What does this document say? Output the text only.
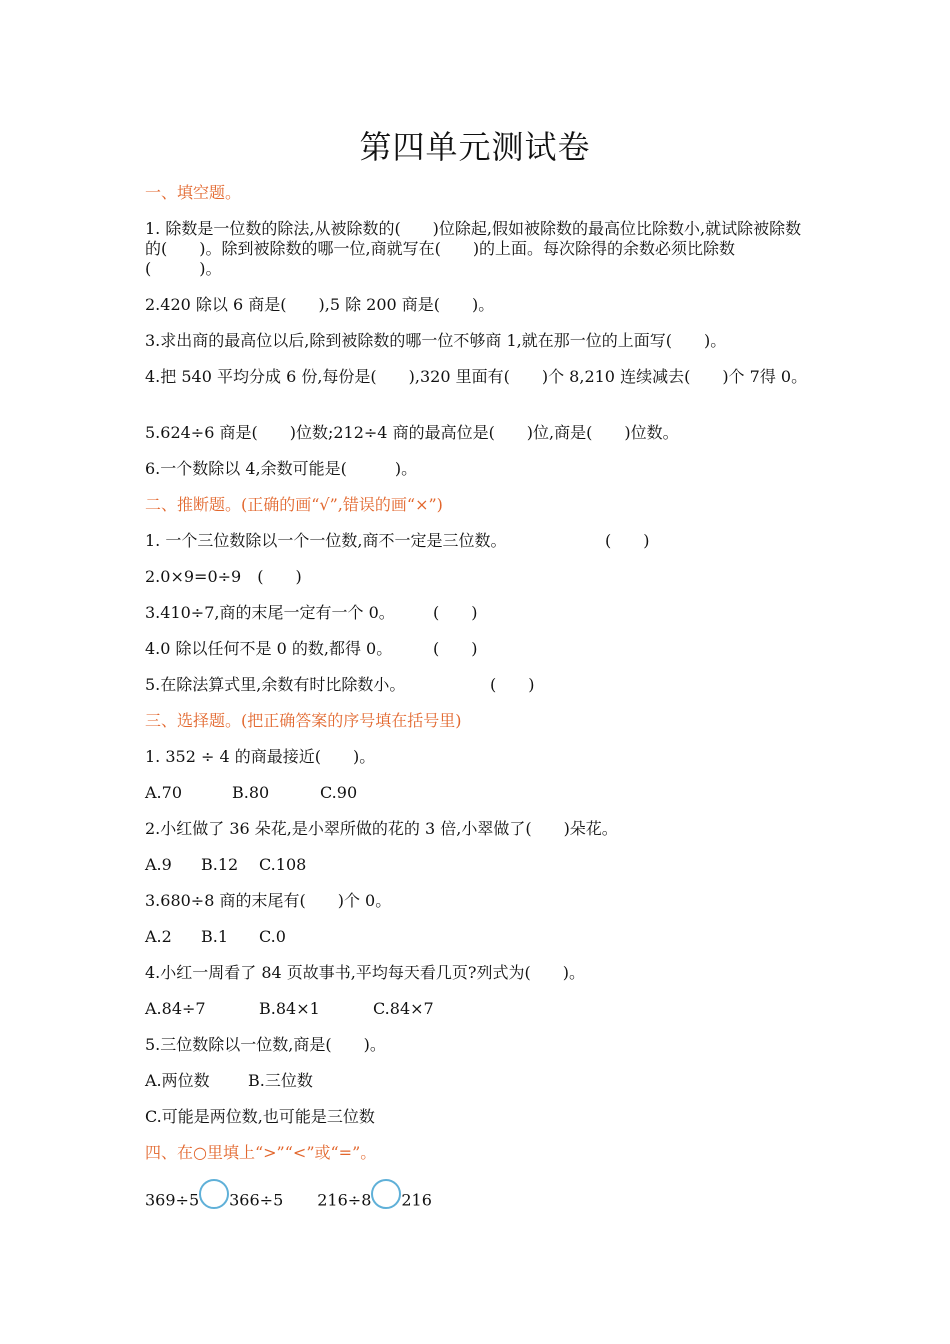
第四单元测试卷
一、填空题。
1. 除数是一位数的除法,从被除数的(　　)位除起,假如被除数的最高位比除数小,就试除被除数的(　　)。除到被除数的哪一位,商就写在(　　)的上面。每次除得的余数必须比除数(　　　)。
2.420 除以 6 商是(　　),5 除 200 商是(　　)。
3.求出商的最高位以后,除到被除数的哪一位不够商 1,就在那一位的上面写(　　)。
4.把 540 平均分成 6 份,每份是(　　),320 里面有(　　)个 8,210 连续减去(　　)个 7得 0。
5.624÷6 商是(　　)位数;212÷4 商的最高位是(　　)位,商是(　　)位数。
6.一个数除以 4,余数可能是(　　　)。
二、推断题。(正确的画“√”,错误的画“×”)
1. 一个三位数除以一个一位数,商不一定是三位数。	(　　)
2.0×9=0÷9　(　　)
3.410÷7,商的末尾一定有一个 0。 (　　)
4.0 除以任何不是 0 的数,都得 0。	(　　)
5.在除法算式里,余数有时比除数小。	(　　)
三、选择题。(把正确答案的序号填在括号里)
1. 352 ÷ 4 的商最接近(　　)。
A.70	B.80	C.90
2.小红做了 36 朵花,是小翠所做的花的 3 倍,小翠做了(　　)朵花。
A.9 B.12 C.108
3.680÷8 商的末尾有(　　)个 0。
A.2 B.1 C.0
4.小红一周看了 84 页故事书,平均每天看几页?列式为(　　)。
A.84÷7	B.84×1	C.84×7
5.三位数除以一位数,商是(　　)。
A.两位数 B.三位数
C.可能是两位数,也可能是三位数
四、在○里填上“>”“<”或“=”。
369÷5 366÷5 216÷8 216
